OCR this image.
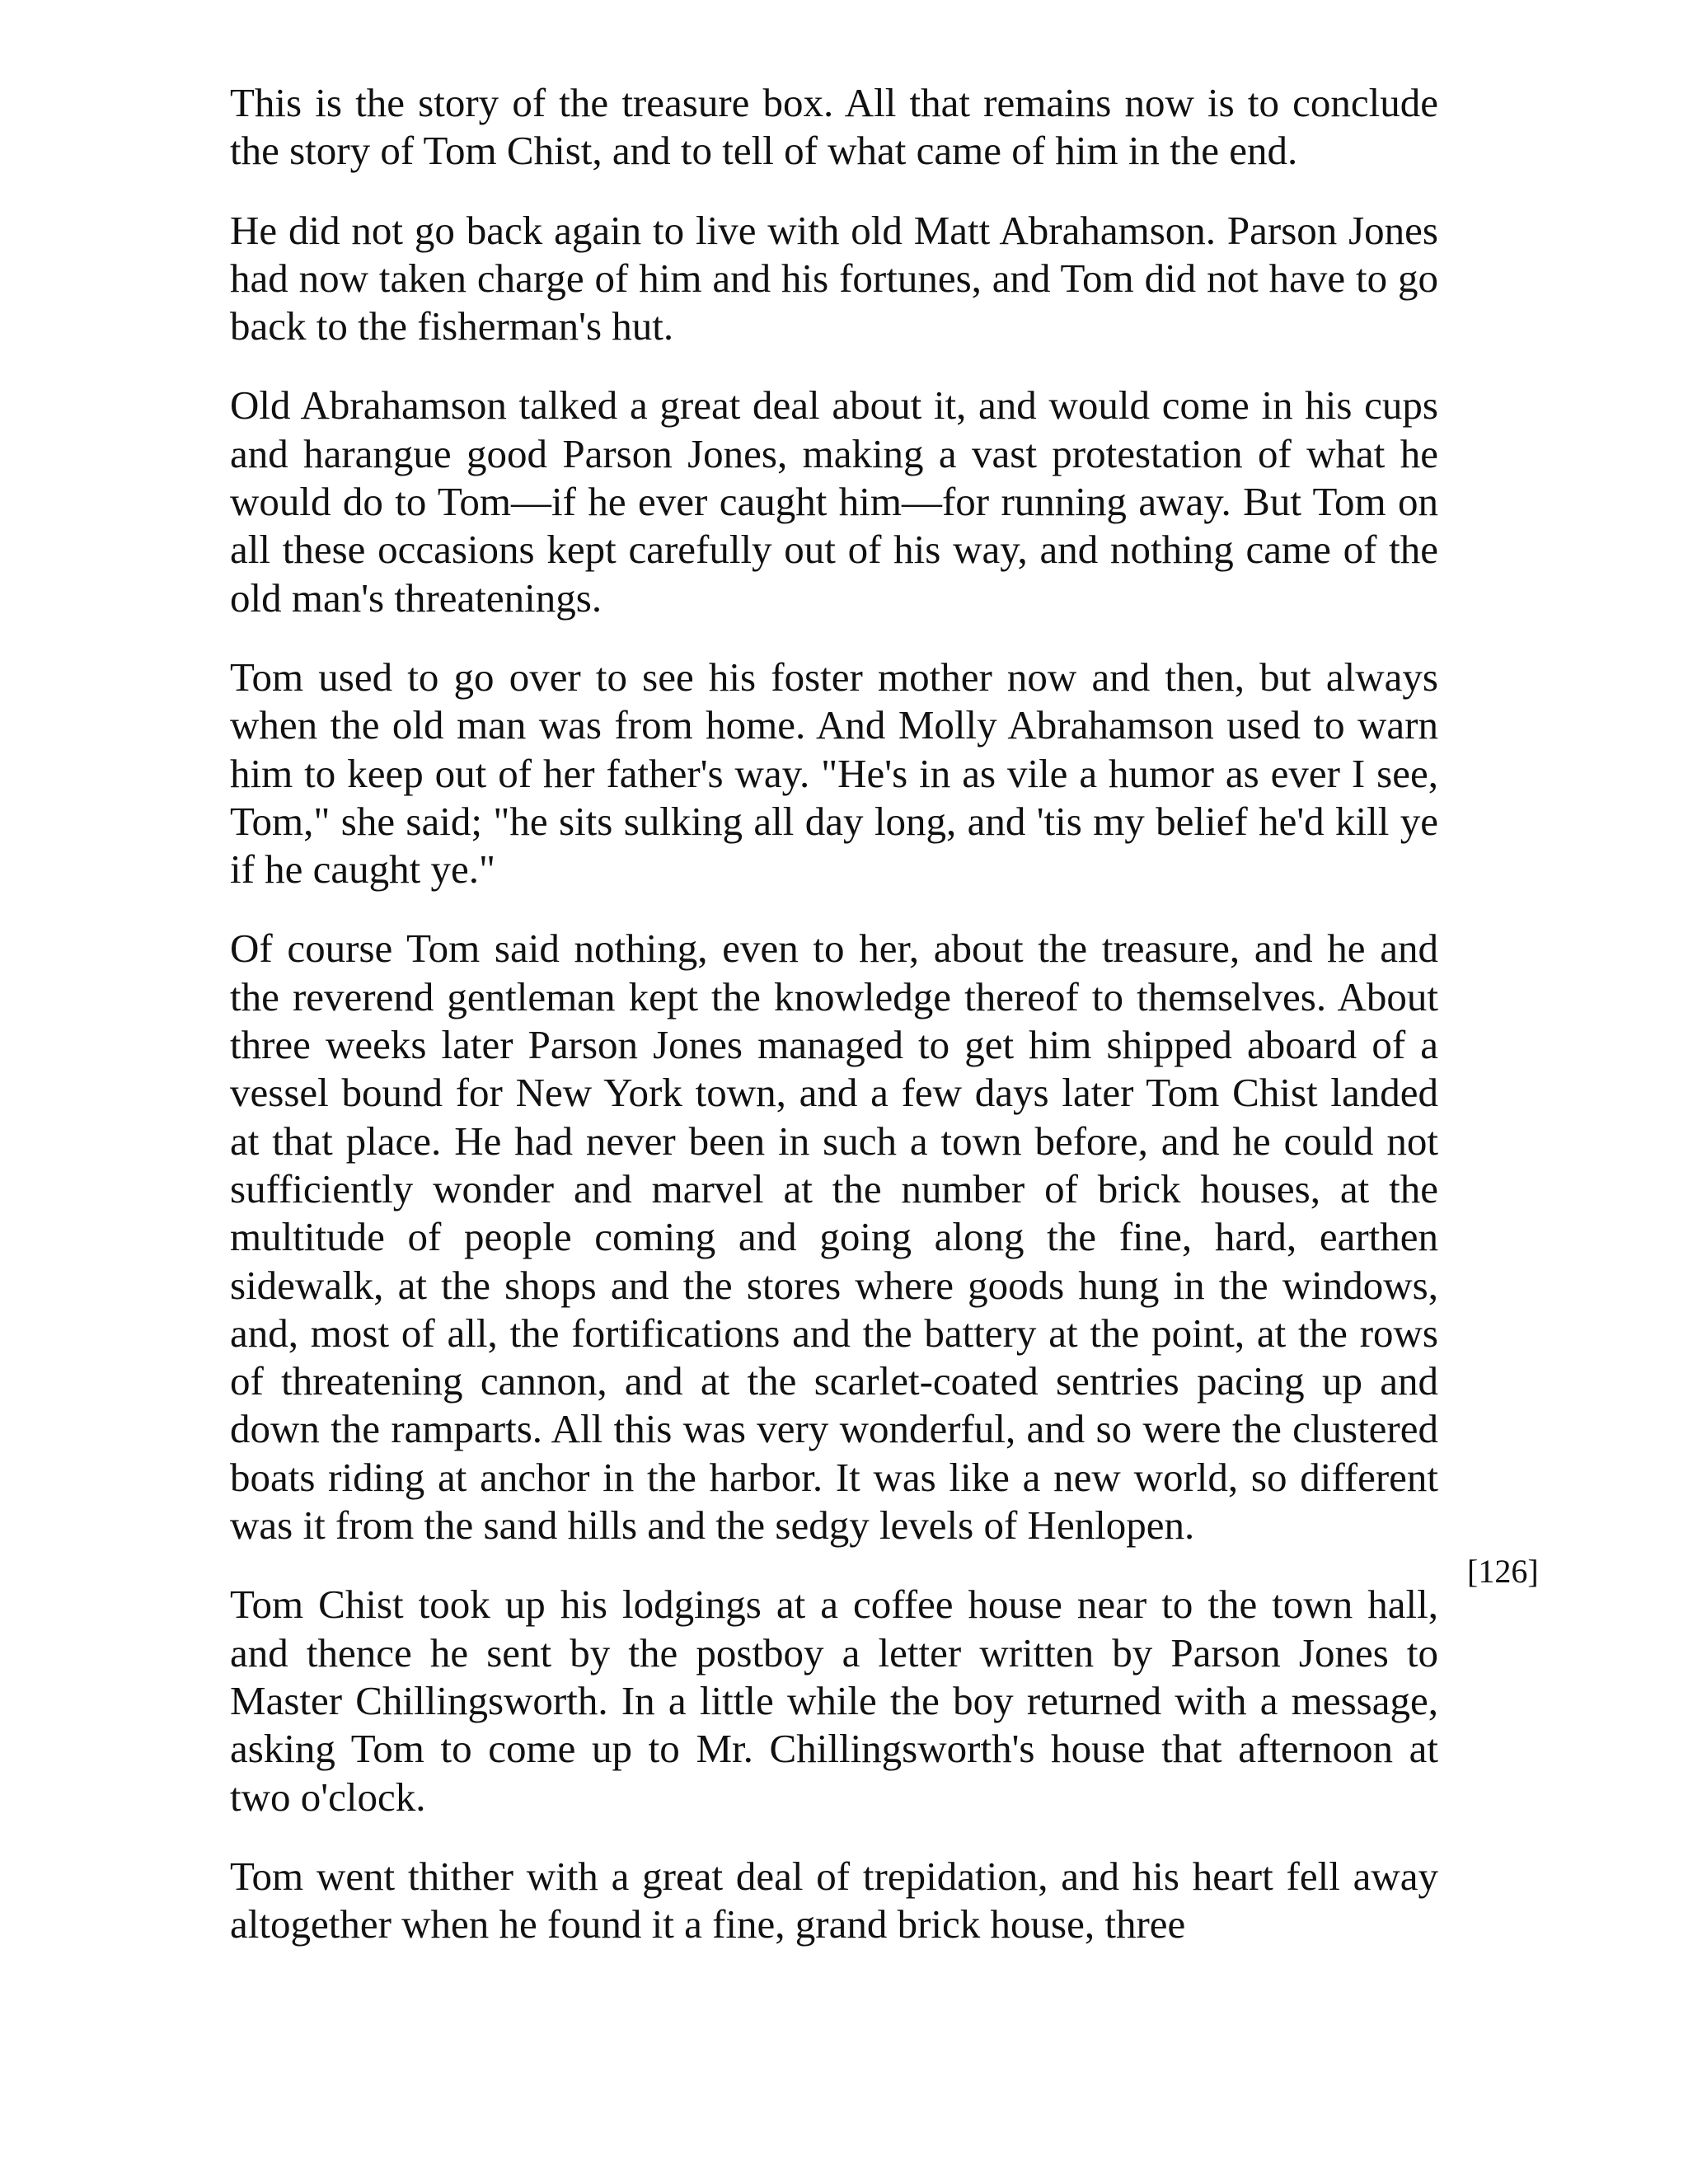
This is the story of the treasure box. All that remains now is to conclude the story of Tom Chist, and to tell of what came of him in the end.

He did not go back again to live with old Matt Abrahamson. Parson Jones had now taken charge of him and his fortunes, and Tom did not have to go back to the fisherman's hut.

Old Abrahamson talked a great deal about it, and would come in his cups and harangue good Parson Jones, making a vast protestation of what he would do to Tom—if he ever caught him—for running away. But Tom on all these occasions kept carefully out of his way, and nothing came of the old man's threatenings.

Tom used to go over to see his foster mother now and then, but always when the old man was from home. And Molly Abrahamson used to warn him to keep out of her father's way. "He's in as vile a humor as ever I see, Tom," she said; "he sits sulking all day long, and 'tis my belief he'd kill ye if he caught ye."

Of course Tom said nothing, even to her, about the treasure, and he and the reverend gentleman kept the knowledge thereof to themselves. About three weeks later Parson Jones managed to get him shipped aboard of a vessel bound for New York town, and a few days later Tom Chist landed at that place. He had never been in such a town before, and he could not sufficiently wonder and marvel at the number of brick houses, at the multitude of people coming and going along the fine, hard, earthen sidewalk, at the shops and the stores where goods hung in the windows, and, most of all, the fortifications and the battery at the point, at the rows of threatening cannon, and at the scarlet-coated sentries pacing up and down the ramparts. All this was very wonderful, and so were the clustered boats riding at anchor in the harbor. It was like a new world, so different was it from the sand hills and the sedgy levels of Henlopen.

Tom Chist took up his lodgings at a coffee house near to the town hall, and thence he sent by the postboy a letter written by Parson Jones to Master Chillingsworth. In a little while the boy returned with a message, asking Tom to come up to Mr. Chillingsworth's house that afternoon at two o'clock.

Tom went thither with a great deal of trepidation, and his heart fell away altogether when he found it a fine, grand brick house, three

[126]
